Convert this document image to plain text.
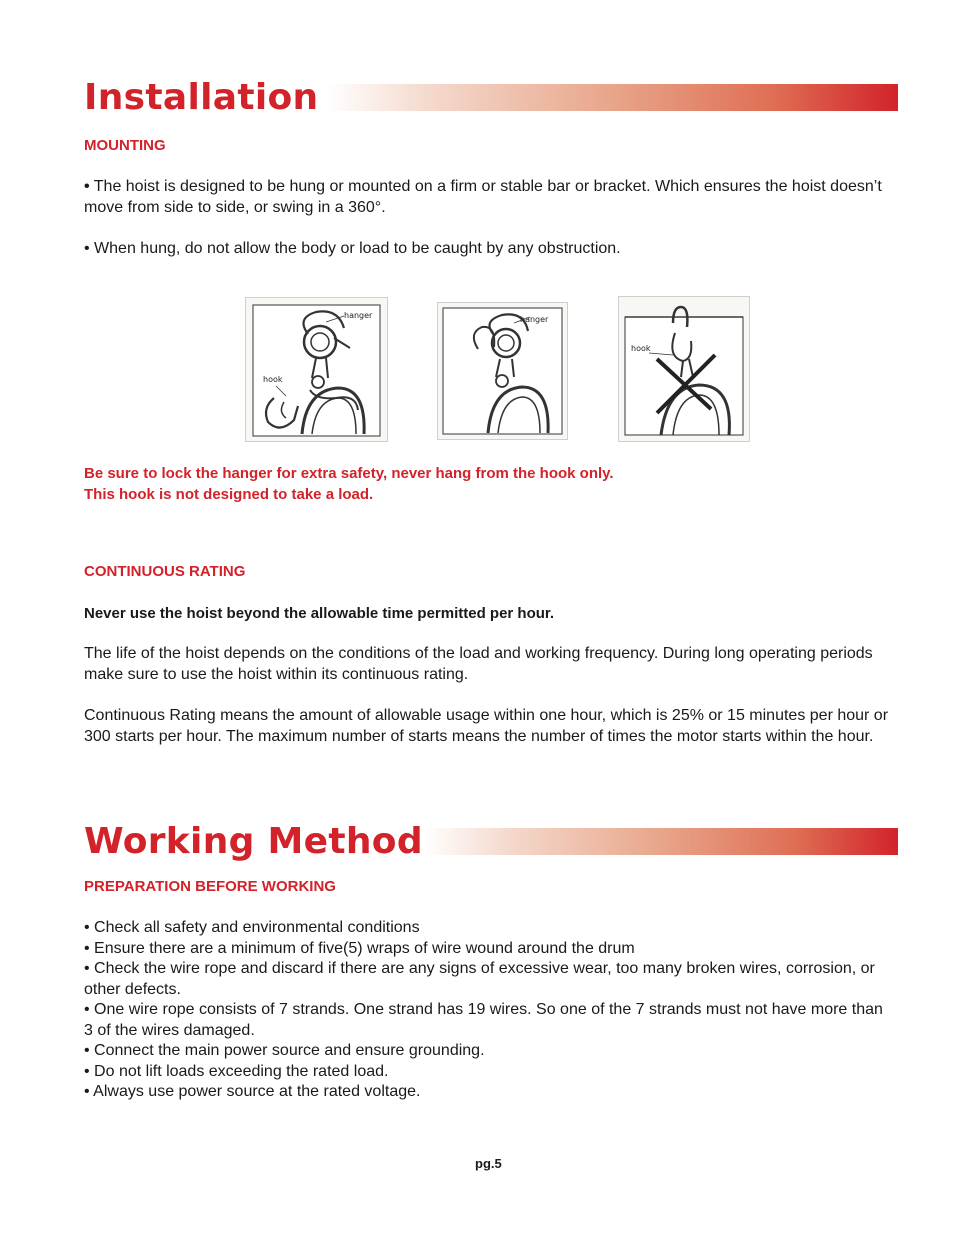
Installation
MOUNTING
• The hoist is designed to be hung or mounted on a firm or stable bar or bracket. Which ensures the hoist doesn’t move from side to side, or swing in a 360°.
• When hung, do not allow the body or load to be caught by any obstruction.
hanger
hook
hanger
hook
Be sure to lock the hanger for extra safety, never hang from the hook only.
This hook is not designed to take a load.
CONTINUOUS RATING
Never use the hoist beyond the allowable time permitted per hour.
The life of the hoist depends on the conditions of the load and working frequency. During long operating periods make sure to use the hoist within its continuous rating.
Continuous Rating means the amount of allowable usage within one hour, which is 25% or 15 minutes per hour or 300 starts per hour. The maximum number of starts means the number of times the motor starts within the hour.
Working Method
PREPARATION BEFORE WORKING
• Check all safety and environmental conditions
• Ensure there are a minimum of five(5) wraps of wire wound around the drum
• Check the wire rope and discard if there are any signs of excessive wear, too many broken wires, corrosion, or other defects.
• One wire rope consists of 7 strands. One strand has 19 wires. So one of the 7 strands must not have more than 3 of the wires damaged.
• Connect the main power source and ensure grounding.
• Do not lift loads exceeding the rated load.
• Always use power source at the rated voltage.
pg.5
